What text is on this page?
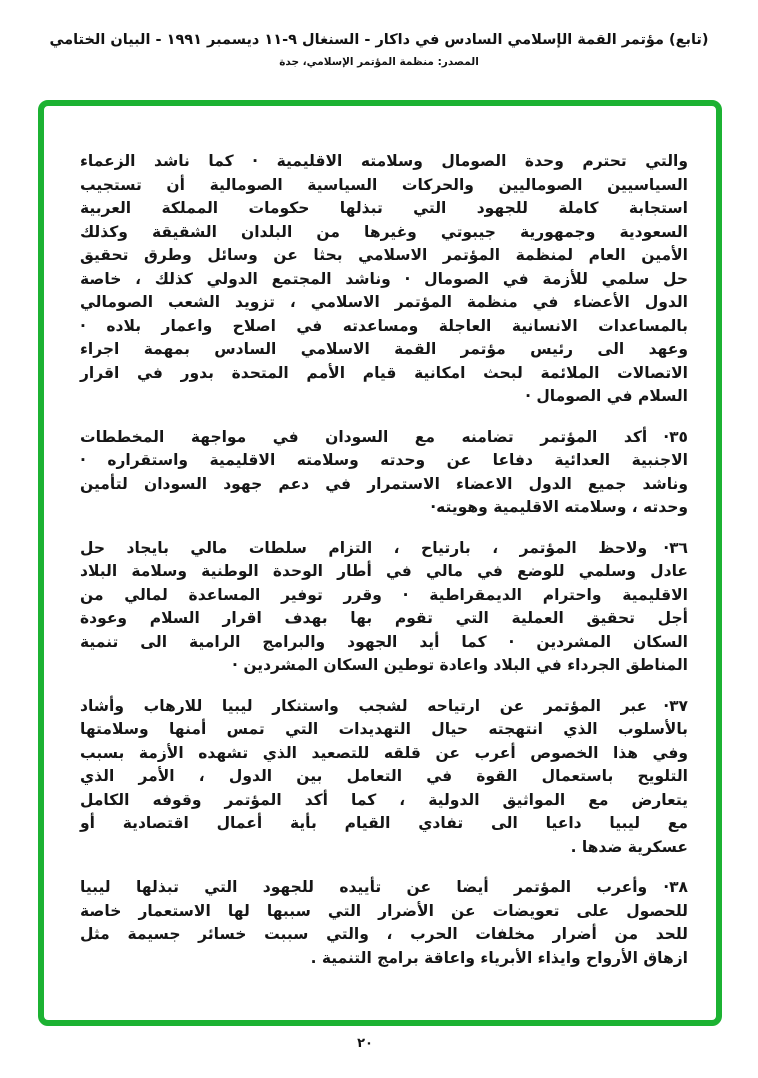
(تابع) مؤتمر القمة الإسلامي السادس في داكار - السنغال ٩-١١ ديسمبر ١٩٩١ - البيان الختامي
المصدر: منظمة المؤتمر الإسلامي، جدة
والتي تحترم وحدة الصومال وسلامته الاقليمية · كما ناشد الزعماء
السياسيين الصوماليين والحركات السياسية الصومالية أن تستجيب
استجابة كاملة للجهود التي تبذلها حكومات المملكة العربية
السعودية وجمهورية جيبوتي وغيرها من البلدان الشقيقة وكذلك
الأمين العام لمنظمة المؤتمر الاسلامي بحثا عن وسائل وطرق تحقيق
حل سلمي للأزمة في الصومال · وناشد المجتمع الدولي كذلك ، خاصة
الدول الأعضاء في منظمة المؤتمر الاسلامي ، تزويد الشعب الصومالي
بالمساعدات الانسانية العاجلة ومساعدته في اصلاح واعمار بلاده ·
وعهد الى رئيس مؤتمر القمة الاسلامي السادس بمهمة اجراء
الاتصالات الملائمة لبحث امكانية قيام الأمم المتحدة بدور في اقرار
السلام في الصومال ·
٣٥·أكد المؤتمر تضامنه مع السودان في مواجهة المخططات
الاجنبية العدائية دفاعا عن وحدته وسلامته الاقليمية واستقراره ·
وناشد جميع الدول الاعضاء الاستمرار في دعم جهود السودان لتأمين
وحدته ، وسلامته الاقليمية وهويته·
٣٦·ولاحظ المؤتمر ، بارتياح ، التزام سلطات مالي بايجاد حل
عادل وسلمي للوضع في مالي في أطار الوحدة الوطنية وسلامة البلاد
الاقليمية واحترام الديمقراطية · وقرر توفير المساعدة لمالي من
أجل تحقيق العملية التي تقوم بها بهدف اقرار السلام وعودة
السكان المشردين · كما أيد الجهود والبرامج الرامية الى تنمية
المناطق الجرداء في البلاد واعادة توطين السكان المشردين ·
٣٧·عبر المؤتمر عن ارتياحه لشجب واستنكار ليبيا للارهاب وأشاد
بالأسلوب الذي انتهجته حيال التهديدات التي تمس أمنها وسلامتها
وفي هذا الخصوص أعرب عن قلقه للتصعيد الذي تشهده الأزمة بسبب
التلويح باستعمال القوة في التعامل بين الدول ، الأمر الذي
يتعارض مع المواثيق الدولية ، كما أكد المؤتمر وقوفه الكامل
مع ليبيا داعيا الى تفادي القيام بأية أعمال اقتصادية أو
عسكرية ضدها .
٣٨·وأعرب المؤتمر أيضا عن تأييده للجهود التي تبذلها ليبيا
للحصول على تعويضات عن الأضرار التي سببها لها الاستعمار خاصة
للحد من أضرار مخلفات الحرب ، والتي سببت خسائر جسيمة مثل
ازهاق الأرواح وايذاء الأبرياء واعاقة برامج التنمية .
٢٠
